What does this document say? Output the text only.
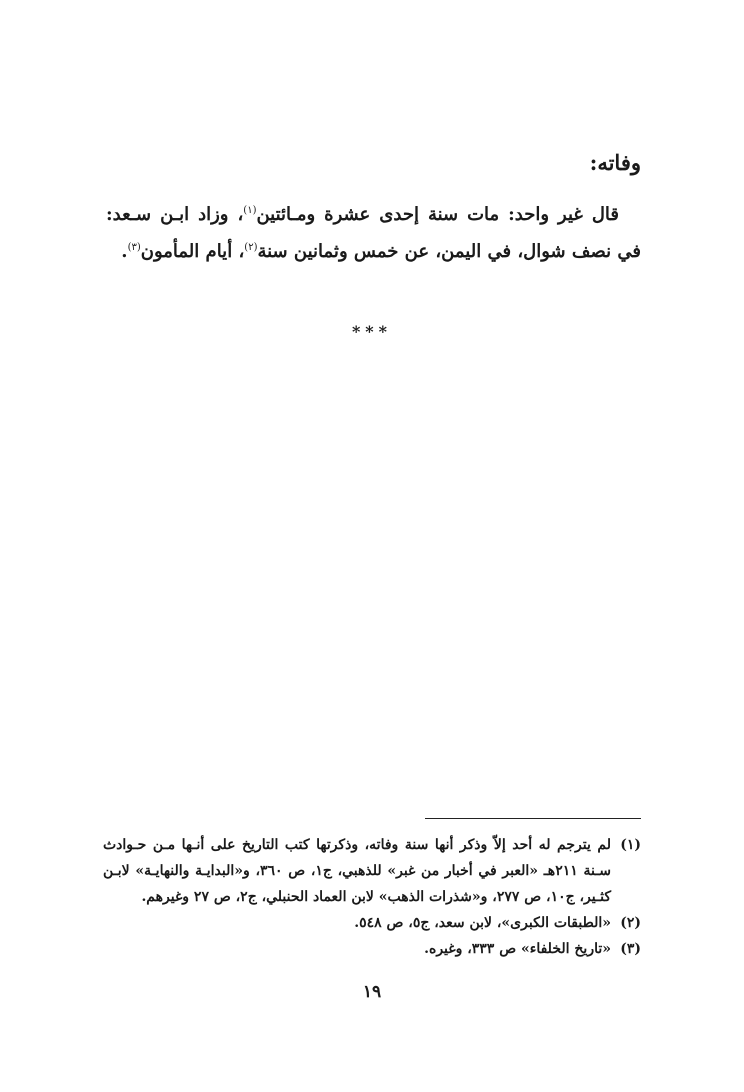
وفاته:

قال غير واحد: مات سنة إحدى عشرة ومـائتين$^{(١)}$، وزاد ابـن سـعد: في نصف شوال، في اليمن، عن خمس وثمانين سنة$^{(٢)}$، أيام المأمون$^{(٣)}$.

***
(١)
لم يترجم له أحد إلاّ وذكر أنها سنة وفاته، وذكرتها كتب التاريخ على أنـها مـن حـوادث سـنة ٢١١هـ «العبر في أخبار من غبر» للذهبي، ج١، ص ٣٦٠، و«البدايـة والنهايـة» لابـن كثـير، ج١٠، ص ٢٧٧، و«شذرات الذهب» لابن العماد الحنبلي، ج٢، ص ٢٧ وغيرهم.
(٢)
«الطبقات الكبرى»، لابن سعد، ج٥، ص ٥٤٨.
(٣)
«تاريخ الخلفاء» ص ٣٣٣، وغيره.
١٩
